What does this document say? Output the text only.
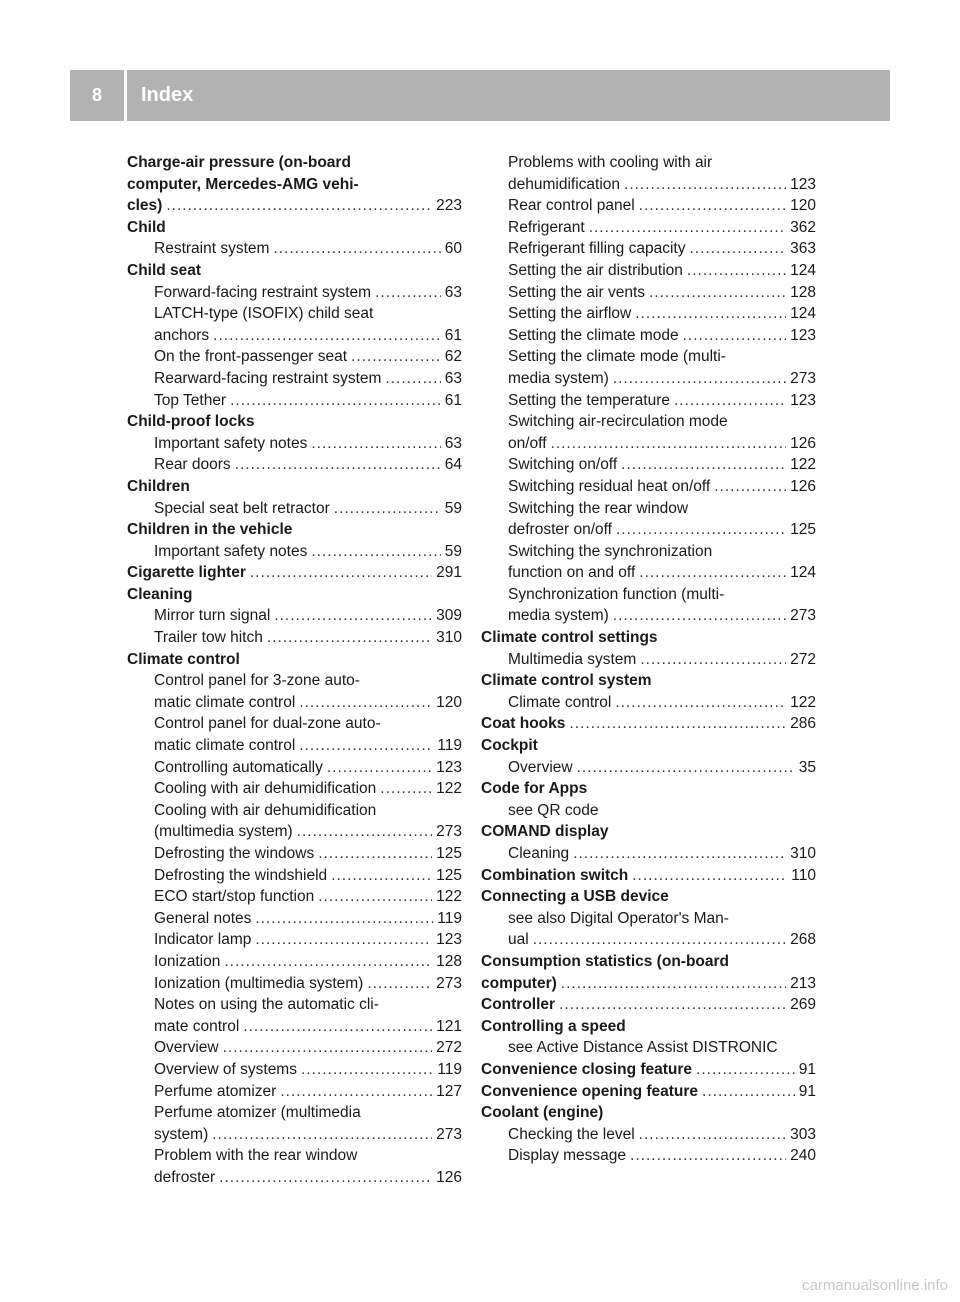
8	Index
Charge-air pressure (on-board
computer, Mercedes-AMG vehi-
cles) .....	223
Child
Restraint system .....	60
Child seat
Forward-facing restraint system .....	63
LATCH-type (ISOFIX) child seat
anchors .....	61
On the front-passenger seat .....	62
Rearward-facing restraint system .....	63
Top Tether .....	61
Child-proof locks
Important safety notes .....	63
Rear doors .....	64
Children
Special seat belt retractor .....	59
Children in the vehicle
Important safety notes .....	59
Cigarette lighter .....	291
Cleaning
Mirror turn signal .....	309
Trailer tow hitch .....	310
Climate control
Control panel for 3-zone auto-
matic climate control .....	120
Control panel for dual-zone auto-
matic climate control .....	119
Controlling automatically .....	123
Cooling with air dehumidification .....	122
Cooling with air dehumidification
(multimedia system) .....	273
Defrosting the windows .....	125
Defrosting the windshield .....	125
ECO start/stop function .....	122
General notes .....	119
Indicator lamp .....	123
Ionization .....	128
Ionization (multimedia system) .....	273
Notes on using the automatic cli-
mate control .....	121
Overview .....	272
Overview of systems .....	119
Perfume atomizer .....	127
Perfume atomizer (multimedia
system) .....	273
Problem with the rear window
defroster .....	126
Problems with cooling with air
dehumidification .....	123
Rear control panel .....	120
Refrigerant .....	362
Refrigerant filling capacity .....	363
Setting the air distribution .....	124
Setting the air vents .....	128
Setting the airflow .....	124
Setting the climate mode .....	123
Setting the climate mode (multi-
media system) .....	273
Setting the temperature .....	123
Switching air-recirculation mode
on/off .....	126
Switching on/off .....	122
Switching residual heat on/off .....	126
Switching the rear window
defroster on/off .....	125
Switching the synchronization
function on and off .....	124
Synchronization function (multi-
media system) .....	273
Climate control settings
Multimedia system .....	272
Climate control system
Climate control .....	122
Coat hooks .....	286
Cockpit
Overview .....	35
Code for Apps
see QR code
COMAND display
Cleaning .....	310
Combination switch .....	110
Connecting a USB device
see also Digital Operator's Man-
ual .....	268
Consumption statistics (on-board
computer) .....	213
Controller .....	269
Controlling a speed
see Active Distance Assist DISTRONIC
Convenience closing feature .....	91
Convenience opening feature .....	91
Coolant (engine)
Checking the level .....	303
Display message .....	240
carmanualsonline.info
